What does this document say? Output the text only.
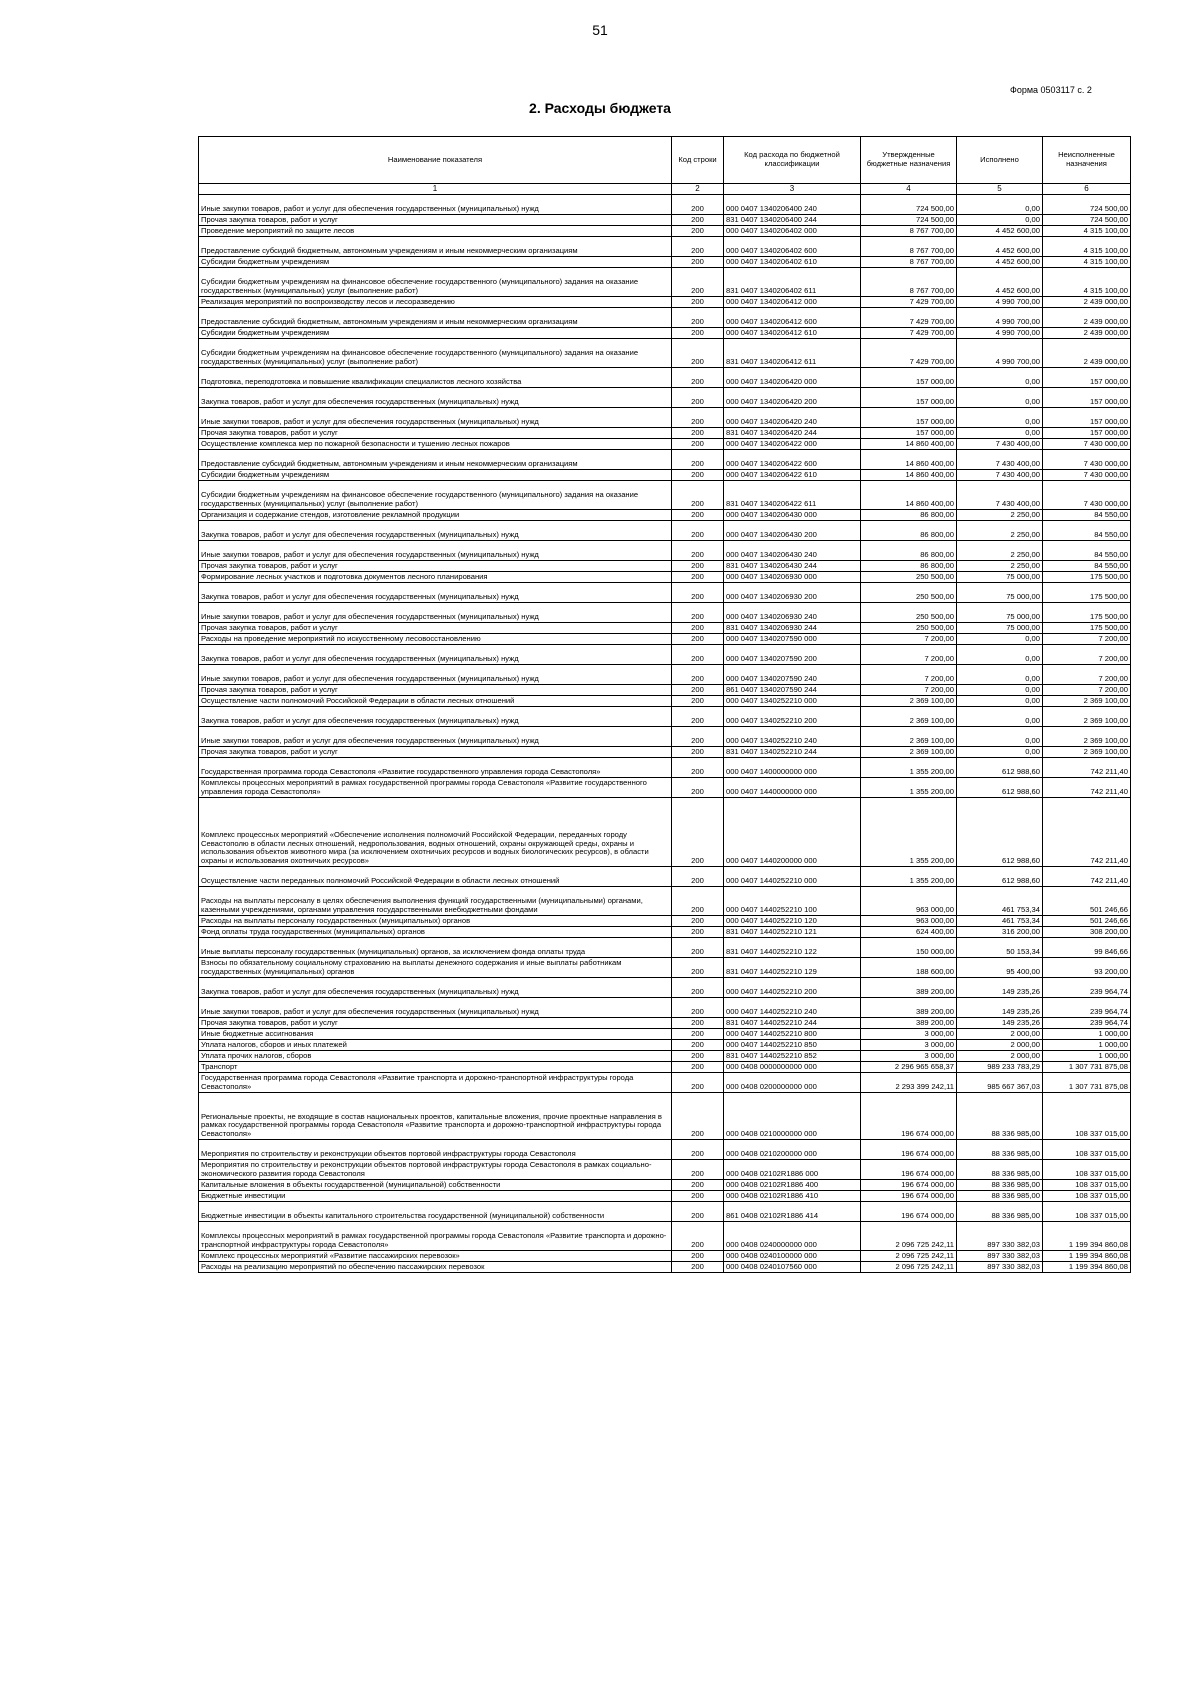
51
Форма 0503117 с. 2
2. Расходы бюджета
Наименование показателя	Код строки	Код расхода по бюджетной классификации	Утвержденные бюджетные назначения	Исполнено	Неисполненные назначения
1	2	3	4	5	6
Иные закупки товаров, работ и услуг для обеспечения государственных (муниципальных) нужд	200	000 0407 1340206400 240	724 500,00	0,00	724 500,00
Прочая закупка товаров, работ и услуг	200	831 0407 1340206400 244	724 500,00	0,00	724 500,00
Проведение мероприятий по защите лесов	200	000 0407 1340206402 000	8 767 700,00	4 452 600,00	4 315 100,00
Предоставление субсидий бюджетным, автономным учреждениям и иным некоммерческим организациям	200	000 0407 1340206402 600	8 767 700,00	4 452 600,00	4 315 100,00
Субсидии бюджетным учреждениям	200	000 0407 1340206402 610	8 767 700,00	4 452 600,00	4 315 100,00
Субсидии бюджетным учреждениям на финансовое обеспечение государственного (муниципального) задания на оказание государственных (муниципальных) услуг (выполнение работ)	200	831 0407 1340206402 611	8 767 700,00	4 452 600,00	4 315 100,00
Реализация мероприятий по воспроизводству лесов и лесоразведению	200	000 0407 1340206412 000	7 429 700,00	4 990 700,00	2 439 000,00
Предоставление субсидий бюджетным, автономным учреждениям и иным некоммерческим организациям	200	000 0407 1340206412 600	7 429 700,00	4 990 700,00	2 439 000,00
Субсидии бюджетным учреждениям	200	000 0407 1340206412 610	7 429 700,00	4 990 700,00	2 439 000,00
Субсидии бюджетным учреждениям на финансовое обеспечение государственного (муниципального) задания на оказание государственных (муниципальных) услуг (выполнение работ)	200	831 0407 1340206412 611	7 429 700,00	4 990 700,00	2 439 000,00
Подготовка, переподготовка и повышение квалификации специалистов лесного хозяйства	200	000 0407 1340206420 000	157 000,00	0,00	157 000,00
Закупка товаров, работ и услуг для обеспечения государственных (муниципальных) нужд	200	000 0407 1340206420 200	157 000,00	0,00	157 000,00
Иные закупки товаров, работ и услуг для обеспечения государственных (муниципальных) нужд	200	000 0407 1340206420 240	157 000,00	0,00	157 000,00
Прочая закупка товаров, работ и услуг	200	831 0407 1340206420 244	157 000,00	0,00	157 000,00
Осуществление комплекса мер по пожарной безопасности и тушению лесных пожаров	200	000 0407 1340206422 000	14 860 400,00	7 430 400,00	7 430 000,00
Предоставление субсидий бюджетным, автономным учреждениям и иным некоммерческим организациям	200	000 0407 1340206422 600	14 860 400,00	7 430 400,00	7 430 000,00
Субсидии бюджетным учреждениям	200	000 0407 1340206422 610	14 860 400,00	7 430 400,00	7 430 000,00
Субсидии бюджетным учреждениям на финансовое обеспечение государственного (муниципального) задания на оказание государственных (муниципальных) услуг (выполнение работ)	200	831 0407 1340206422 611	14 860 400,00	7 430 400,00	7 430 000,00
Организация и содержание стендов, изготовление рекламной продукции	200	000 0407 1340206430 000	86 800,00	2 250,00	84 550,00
Закупка товаров, работ и услуг для обеспечения государственных (муниципальных) нужд	200	000 0407 1340206430 200	86 800,00	2 250,00	84 550,00
Иные закупки товаров, работ и услуг для обеспечения государственных (муниципальных) нужд	200	000 0407 1340206430 240	86 800,00	2 250,00	84 550,00
Прочая закупка товаров, работ и услуг	200	831 0407 1340206430 244	86 800,00	2 250,00	84 550,00
Формирование лесных участков и подготовка документов лесного планирования	200	000 0407 1340206930 000	250 500,00	75 000,00	175 500,00
Закупка товаров, работ и услуг для обеспечения государственных (муниципальных) нужд	200	000 0407 1340206930 200	250 500,00	75 000,00	175 500,00
Иные закупки товаров, работ и услуг для обеспечения государственных (муниципальных) нужд	200	000 0407 1340206930 240	250 500,00	75 000,00	175 500,00
Прочая закупка товаров, работ и услуг	200	831 0407 1340206930 244	250 500,00	75 000,00	175 500,00
Расходы на проведение мероприятий по искусственному лесовосстановлению	200	000 0407 1340207590 000	7 200,00	0,00	7 200,00
Закупка товаров, работ и услуг для обеспечения государственных (муниципальных) нужд	200	000 0407 1340207590 200	7 200,00	0,00	7 200,00
Иные закупки товаров, работ и услуг для обеспечения государственных (муниципальных) нужд	200	000 0407 1340207590 240	7 200,00	0,00	7 200,00
Прочая закупка товаров, работ и услуг	200	861 0407 1340207590 244	7 200,00	0,00	7 200,00
Осуществление части полномочий Российской Федерации в области лесных отношений	200	000 0407 1340252210 000	2 369 100,00	0,00	2 369 100,00
Закупка товаров, работ и услуг для обеспечения государственных (муниципальных) нужд	200	000 0407 1340252210 200	2 369 100,00	0,00	2 369 100,00
Иные закупки товаров, работ и услуг для обеспечения государственных (муниципальных) нужд	200	000 0407 1340252210 240	2 369 100,00	0,00	2 369 100,00
Прочая закупка товаров, работ и услуг	200	831 0407 1340252210 244	2 369 100,00	0,00	2 369 100,00
Государственная программа города Севастополя «Развитие государственного управления города Севастополя»	200	000 0407 1400000000 000	1 355 200,00	612 988,60	742 211,40
Комплексы процессных мероприятий в рамках государственной программы города Севастополя «Развитие государственного управления города Севастополя»	200	000 0407 1440000000 000	1 355 200,00	612 988,60	742 211,40
Комплекс процессных мероприятий «Обеспечение исполнения полномочий Российской Федерации, переданных городу Севастополю в области лесных отношений, недропользования, водных отношений, охраны окружающей среды, охраны и использования объектов животного мира (за исключением охотничьих ресурсов и водных биологических ресурсов), в области охраны и использования охотничьих ресурсов»	200	000 0407 1440200000 000	1 355 200,00	612 988,60	742 211,40
Осуществление части переданных полномочий Российской Федерации в области лесных отношений	200	000 0407 1440252210 000	1 355 200,00	612 988,60	742 211,40
Расходы на выплаты персоналу в целях обеспечения выполнения функций государственными (муниципальными) органами, казенными учреждениями, органами управления государственными внебюджетными фондами	200	000 0407 1440252210 100	963 000,00	461 753,34	501 246,66
Расходы на выплаты персоналу государственных (муниципальных) органов	200	000 0407 1440252210 120	963 000,00	461 753,34	501 246,66
Фонд оплаты труда государственных (муниципальных) органов	200	831 0407 1440252210 121	624 400,00	316 200,00	308 200,00
Иные выплаты персоналу государственных (муниципальных) органов, за исключением фонда оплаты труда	200	831 0407 1440252210 122	150 000,00	50 153,34	99 846,66
Взносы по обязательному социальному страхованию на выплаты денежного содержания и иные выплаты работникам государственных (муниципальных) органов	200	831 0407 1440252210 129	188 600,00	95 400,00	93 200,00
Закупка товаров, работ и услуг для обеспечения государственных (муниципальных) нужд	200	000 0407 1440252210 200	389 200,00	149 235,26	239 964,74
Иные закупки товаров, работ и услуг для обеспечения государственных (муниципальных) нужд	200	000 0407 1440252210 240	389 200,00	149 235,26	239 964,74
Прочая закупка товаров, работ и услуг	200	831 0407 1440252210 244	389 200,00	149 235,26	239 964,74
Иные бюджетные ассигнования	200	000 0407 1440252210 800	3 000,00	2 000,00	1 000,00
Уплата налогов, сборов и иных платежей	200	000 0407 1440252210 850	3 000,00	2 000,00	1 000,00
Уплата прочих налогов, сборов	200	831 0407 1440252210 852	3 000,00	2 000,00	1 000,00
Транспорт	200	000 0408 0000000000 000	2 296 965 658,37	989 233 783,29	1 307 731 875,08
Государственная программа города Севастополя «Развитие транспорта и дорожно-транспортной инфраструктуры города Севастополя»	200	000 0408 0200000000 000	2 293 399 242,11	985 667 367,03	1 307 731 875,08
Региональные проекты, не входящие в состав национальных проектов, капитальные вложения, прочие проектные направления в рамках государственной программы города Севастополя «Развитие транспорта и дорожно-транспортной инфраструктуры города Севастополя»	200	000 0408 0210000000 000	196 674 000,00	88 336 985,00	108 337 015,00
Мероприятия по строительству и реконструкции объектов портовой инфраструктуры города Севастополя	200	000 0408 0210200000 000	196 674 000,00	88 336 985,00	108 337 015,00
Мероприятия по строительству и реконструкции объектов портовой инфраструктуры города Севастополя в рамках социально-экономического развития города Севастополя	200	000 0408 02102R1886 000	196 674 000,00	88 336 985,00	108 337 015,00
Капитальные вложения в объекты государственной (муниципальной) собственности	200	000 0408 02102R1886 400	196 674 000,00	88 336 985,00	108 337 015,00
Бюджетные инвестиции	200	000 0408 02102R1886 410	196 674 000,00	88 336 985,00	108 337 015,00
Бюджетные инвестиции в объекты капитального строительства государственной (муниципальной) собственности	200	861 0408 02102R1886 414	196 674 000,00	88 336 985,00	108 337 015,00
Комплексы процессных мероприятий в рамках государственной программы города Севастополя «Развитие транспорта и дорожно-транспортной инфраструктуры города Севастополя»	200	000 0408 0240000000 000	2 096 725 242,11	897 330 382,03	1 199 394 860,08
Комплекс процессных мероприятий «Развитие пассажирских перевозок»	200	000 0408 0240100000 000	2 096 725 242,11	897 330 382,03	1 199 394 860,08
Расходы на реализацию мероприятий по обеспечению пассажирских перевозок	200	000 0408 0240107560 000	2 096 725 242,11	897 330 382,03	1 199 394 860,08
